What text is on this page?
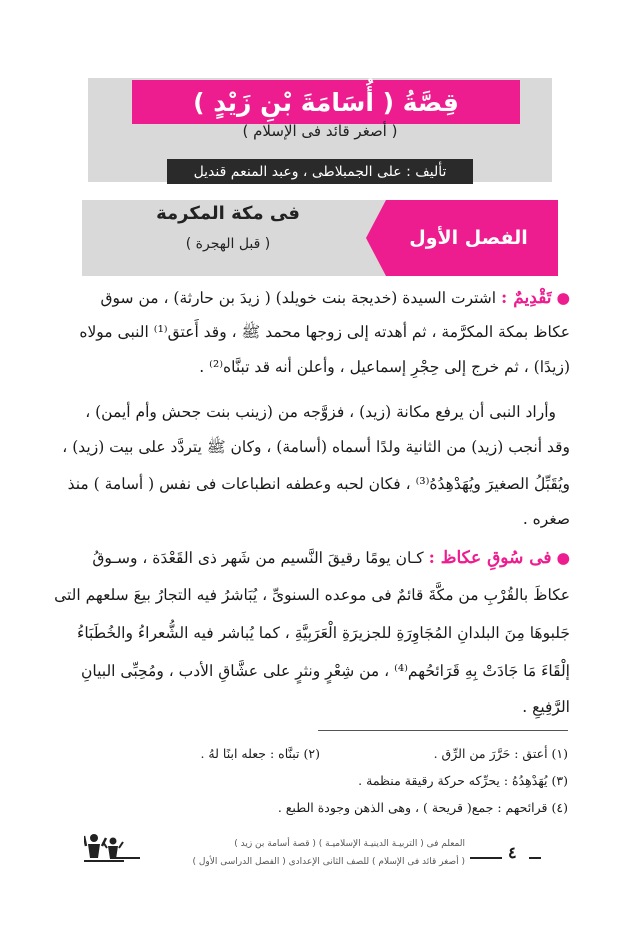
قِصَّةُ ( أُسَامَةَ بْنِ زَيْدٍ )
( أصغر قائد فى الإسلام )
تأليف : على الجمبلاطى ، وعبد المنعم قنديل
الفصل الأول
فى مكة المكرمة
( قبل الهجرة )
● تَقْدِيمٌ : اشترت السيدة (خديجة بنت خويلد) ( زيدَ بن حارثة) ، من سوق
عكاظ بمكة المكرَّمة ، ثم أهدته إلى زوجها محمد ﷺ ، وقد أَعتق⁽¹⁾ النبى مولاه
(زيدًا) ، ثم خرج إلى حِجْرِ إسماعيل ، وأعلن أنه قد تبنَّاه⁽²⁾ .
وأراد النبى أن يرفع مكانة (زيد) ، فزوَّجه من (زينب بنت جحش وأم أيمن) ،
وقد أنجب (زيد) من الثانية ولدًا أسماه (أسامة) ، وكان ﷺ يتردَّد على بيت (زيد) ،
ويُقَبِّلُ الصغيرَ ويُهَدْهِدُهُ⁽³⁾ ، فكان لحبه وعطفه انطباعات فى نفس ( أسامة ) منذ
صغره .
● فى سُوقِ عكاظ : كـان يومًا رقيقَ النَّسيم من شَهر ذى القَعْدَة ، وسـوقُ
عكاظَ بالقُرْبِ من مكَّةَ قائمٌ فى موعده السنوىِّ ، يُبَاشرُ فيه التجارُ بيعَ سلعهم التى
جَلبوهَا مِنَ البلدانِ المُجَاوِرَةِ للجزيرَةِ الْعَرَبِيَّةِ ، كما يُباشر فيه الشُّعراءُ والخُطَبَاءُ
إلْقَاءَ مَا جَادَتْ بِهِ قَرَائحُهم⁽⁴⁾ ، من شِعْرٍ ونثرٍ على عشَّاقِ الأدب ، ومُحِبِّى البيانِ
الرَّفِيعِ .
(١) أعتق : حَرَّرَ من الرِّق .
(٢) تبنَّاه : جعله ابنًا لهُ .
(٣) يُهَدْهِدُهُ : يحرِّكه حركة رقيقة منظمة .
(٤) قرائحهم : جمع( قريحة ) ، وهى الذهن وجودة الطبع .
٤
المعلم فى ( التربيـة الدينيـة الإسلاميـة ) ( قصة أسامة بن زيد )
( أصغر قائد فى الإسلام ) للصف الثانى الإعدادى ( الفصل الدراسى الأول )
